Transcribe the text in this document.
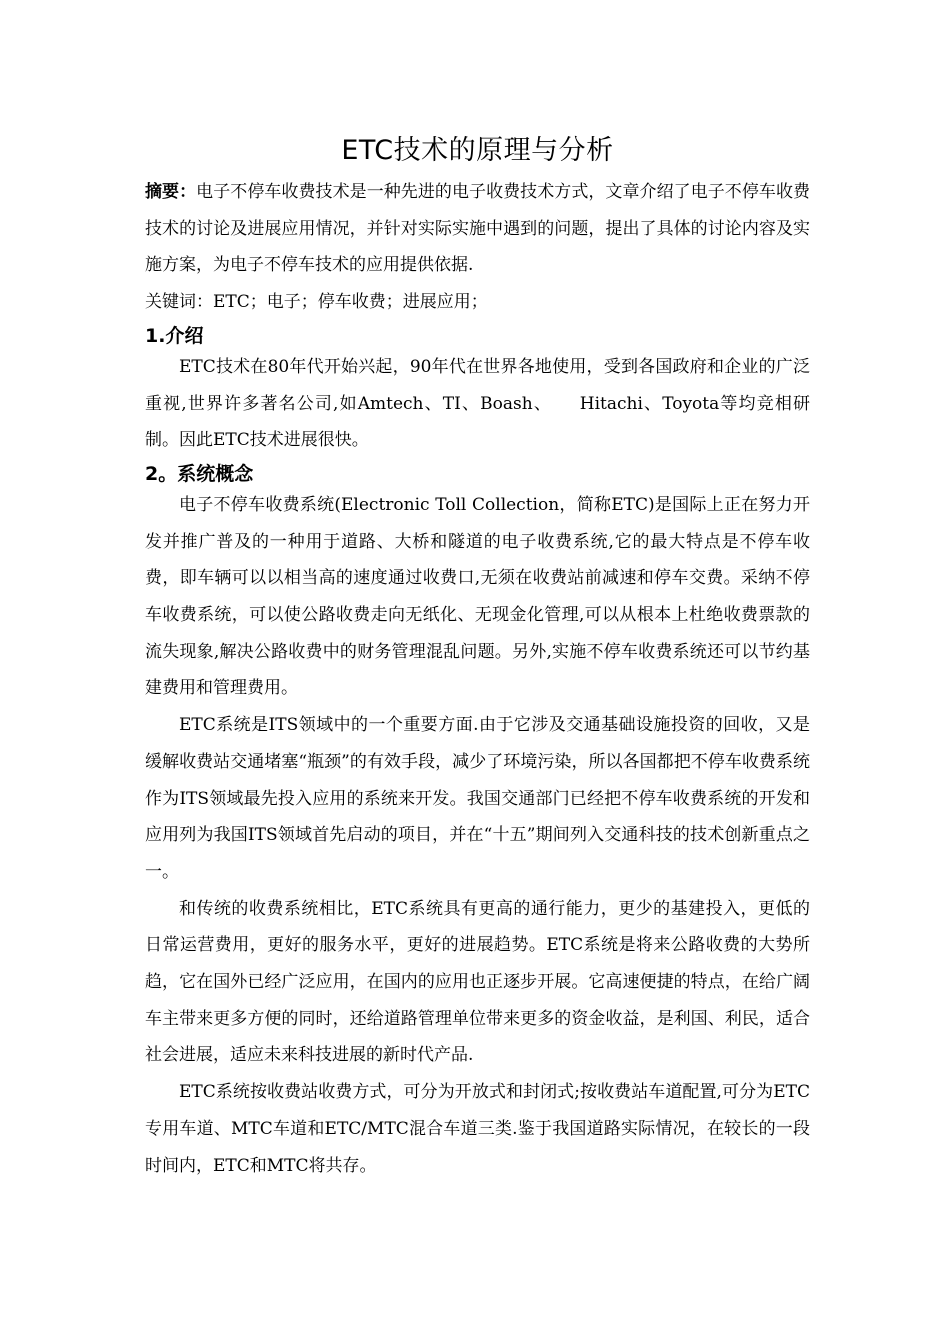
ETC技术的原理与分析

摘要：电子不停车收费技术是一种先进的电子收费技术方式，文章介绍了电子不停车收费技术的讨论及进展应用情况，并针对实际实施中遇到的问题，提出了具体的讨论内容及实施方案，为电子不停车技术的应用提供依据.

关键词：ETC；电子；停车收费；进展应用；

1.介绍

ETC技术在80年代开始兴起，90年代在世界各地使用，受到各国政府和企业的广泛重视,世界许多著名公司,如Amtech、TI、Boash、　　Hitachi、Toyota等均竞相研制。因此ETC技术进展很快。

2。系统概念

电子不停车收费系统(Electronic Toll Collection，简称ETC)是国际上正在努力开发并推广普及的一种用于道路、大桥和隧道的电子收费系统,它的最大特点是不停车收费，即车辆可以以相当高的速度通过收费口,无须在收费站前减速和停车交费。采纳不停车收费系统，可以使公路收费走向无纸化、无现金化管理,可以从根本上杜绝收费票款的流失现象,解决公路收费中的财务管理混乱问题。另外,实施不停车收费系统还可以节约基建费用和管理费用。

ETC系统是ITS领域中的一个重要方面.由于它涉及交通基础设施投资的回收，又是缓解收费站交通堵塞“瓶颈”的有效手段，减少了环境污染，所以各国都把不停车收费系统作为ITS领域最先投入应用的系统来开发。我国交通部门已经把不停车收费系统的开发和应用列为我国ITS领域首先启动的项目，并在“十五”期间列入交通科技的技术创新重点之一。

和传统的收费系统相比，ETC系统具有更高的通行能力，更少的基建投入，更低的日常运营费用，更好的服务水平，更好的进展趋势。ETC系统是将来公路收费的大势所趋，它在国外已经广泛应用，在国内的应用也正逐步开展。它高速便捷的特点，在给广阔车主带来更多方便的同时，还给道路管理单位带来更多的资金收益，是利国、利民，适合社会进展，适应未来科技进展的新时代产品.

ETC系统按收费站收费方式，可分为开放式和封闭式;按收费站车道配置,可分为ETC专用车道、MTC车道和ETC/MTC混合车道三类.鉴于我国道路实际情况，在较长的一段时间内，ETC和MTC将共存。
